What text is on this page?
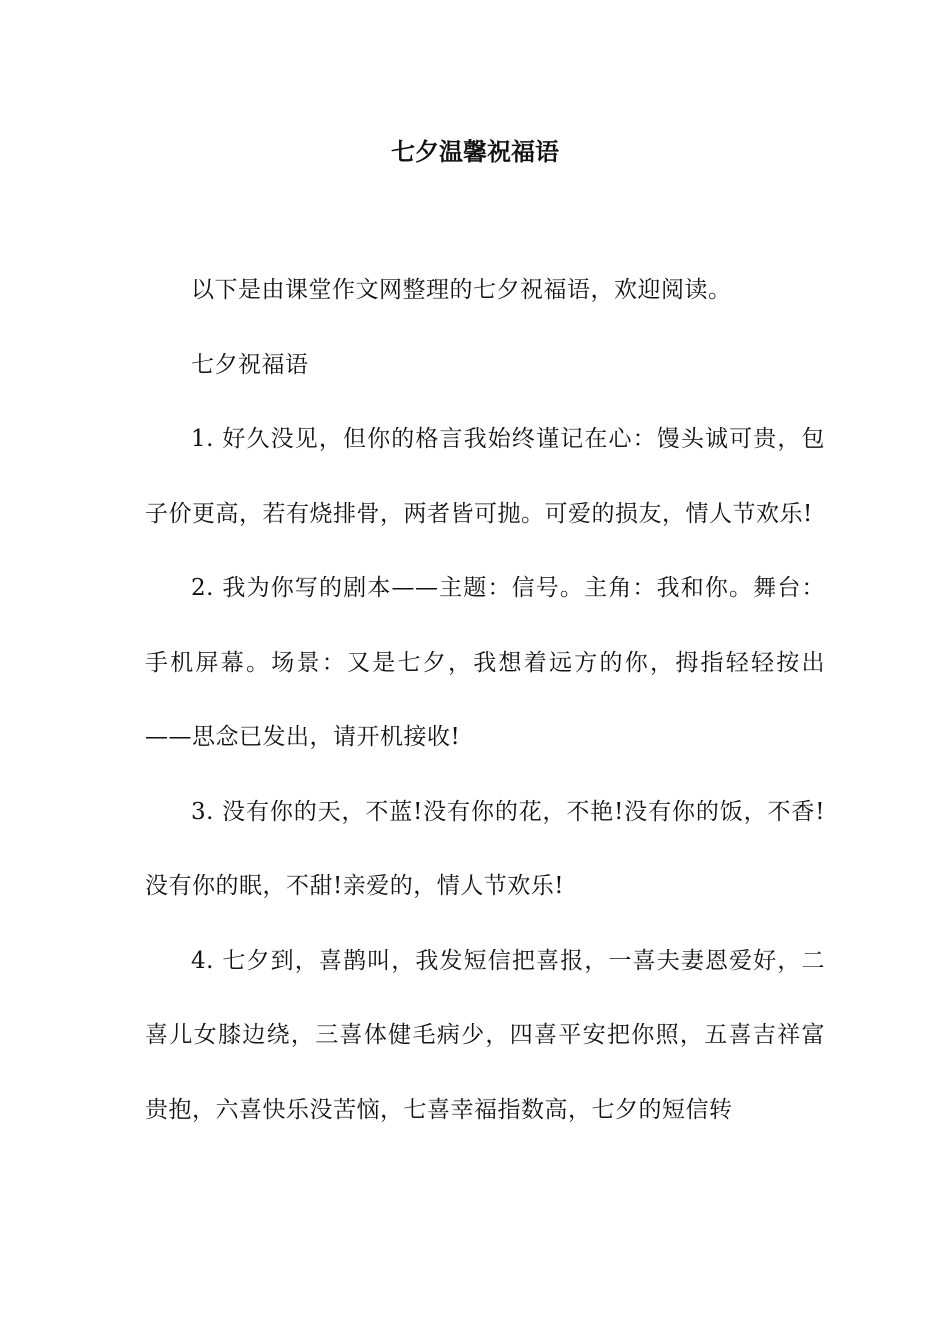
七夕温馨祝福语

以下是由课堂作文网整理的七夕祝福语，欢迎阅读。

七夕祝福语

1. 好久没见，但你的格言我始终谨记在心：馒头诚可贵，包子价更高，若有烧排骨，两者皆可抛。可爱的损友，情人节欢乐!

2. 我为你写的剧本——主题：信号。主角：我和你。舞台：手机屏幕。场景：又是七夕，我想着远方的你，拇指轻轻按出——思念已发出，请开机接收!

3. 没有你的天，不蓝!没有你的花，不艳!没有你的饭，不香!没有你的眠，不甜!亲爱的，情人节欢乐!

4. 七夕到，喜鹊叫，我发短信把喜报，一喜夫妻恩爱好，二喜儿女膝边绕，三喜体健毛病少，四喜平安把你照，五喜吉祥富贵抱，六喜快乐没苦恼，七喜幸福指数高，七夕的短信转
